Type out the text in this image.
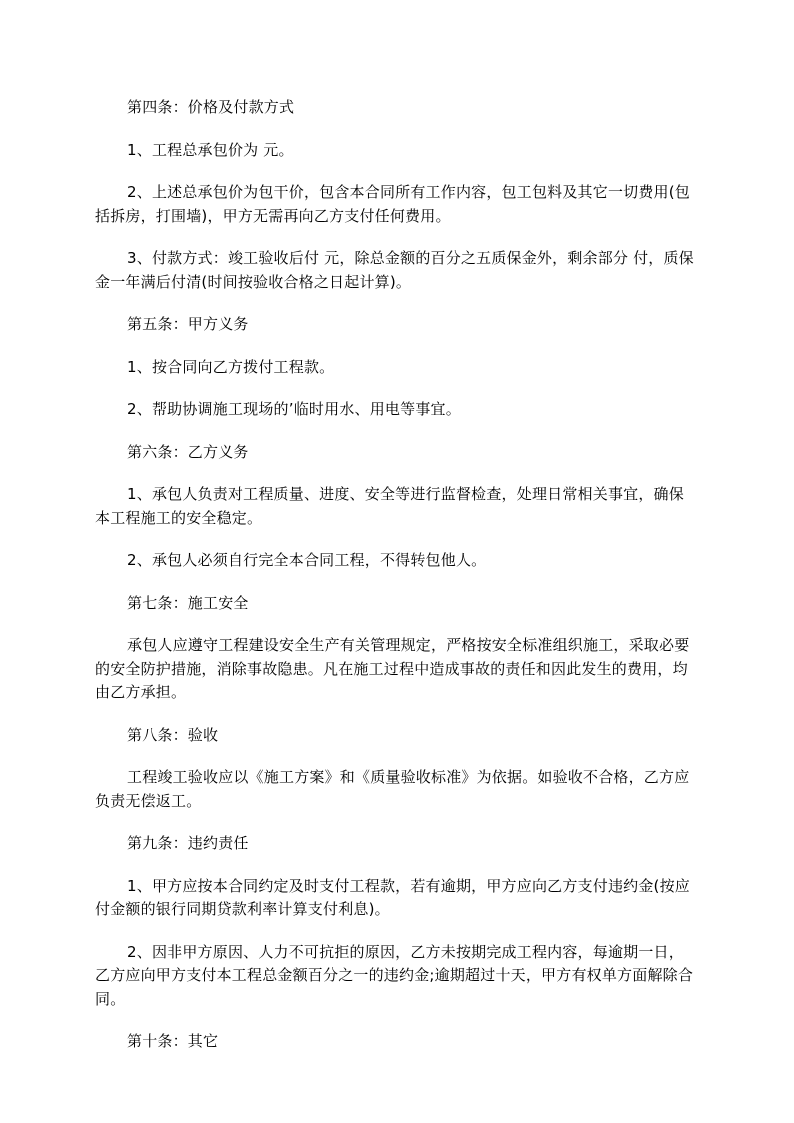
第四条：价格及付款方式

1、工程总承包价为 元。

2、上述总承包价为包干价，包含本合同所有工作内容，包工包料及其它一切费用(包括拆房，打围墙)，甲方无需再向乙方支付任何费用。

3、付款方式：竣工验收后付 元，除总金额的百分之五质保金外，剩余部分 付，质保金一年满后付清(时间按验收合格之日起计算)。

第五条：甲方义务

1、按合同向乙方拨付工程款。

2、帮助协调施工现场的’临时用水、用电等事宜。

第六条：乙方义务

1、承包人负责对工程质量、进度、安全等进行监督检查，处理日常相关事宜，确保本工程施工的安全稳定。

2、承包人必须自行完全本合同工程，不得转包他人。

第七条：施工安全

承包人应遵守工程建设安全生产有关管理规定，严格按安全标准组织施工，采取必要的安全防护措施，消除事故隐患。凡在施工过程中造成事故的责任和因此发生的费用，均由乙方承担。

第八条：验收

工程竣工验收应以《施工方案》和《质量验收标准》为依据。如验收不合格，乙方应负责无偿返工。

第九条：违约责任

1、甲方应按本合同约定及时支付工程款，若有逾期，甲方应向乙方支付违约金(按应付金额的银行同期贷款利率计算支付利息)。

2、因非甲方原因、人力不可抗拒的原因，乙方未按期完成工程内容，每逾期一日，乙方应向甲方支付本工程总金额百分之一的违约金;逾期超过十天，甲方有权单方面解除合同。

第十条：其它
